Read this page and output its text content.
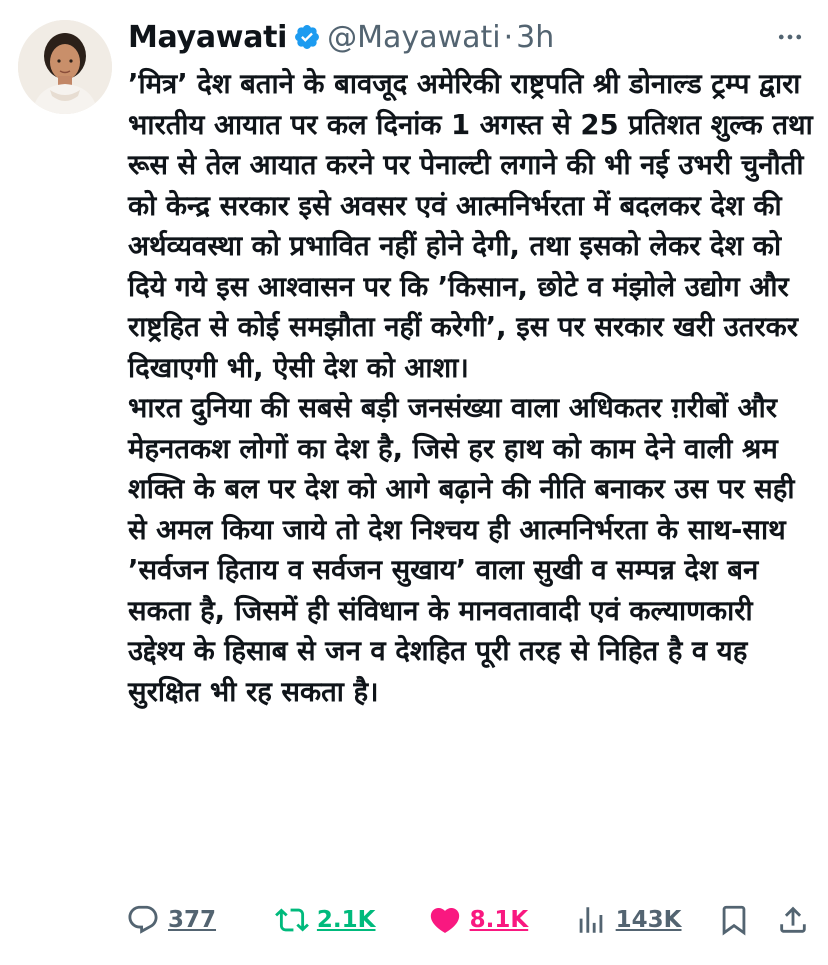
Mayawati @Mayawati · 3h

’मित्र’ देश बताने के बावजूद अमेरिकी राष्ट्रपति श्री डोनाल्ड ट्रम्प द्वारा भारतीय आयात पर कल दिनांक 1 अगस्त से 25 प्रतिशत शुल्क तथा रूस से तेल आयात करने पर पेनाल्टी लगाने की भी नई उभरी चुनौती को केन्द्र सरकार इसे अवसर एवं आत्मनिर्भरता में बदलकर देश की अर्थव्यवस्था को प्रभावित नहीं होने देगी, तथा इसको लेकर देश को दिये गये इस आश्वासन पर कि ’किसान, छोटे व मंझोले उद्योग और राष्ट्रहित से कोई समझौता नहीं करेगी’, इस पर सरकार खरी उतरकर दिखाएगी भी, ऐसी देश को आशा।

भारत दुनिया की सबसे बड़ी जनसंख्या वाला अधिकतर ग़रीबों और मेहनतकश लोगों का देश है, जिसे हर हाथ को काम देने वाली श्रम शक्ति के बल पर देश को आगे बढ़ाने की नीति बनाकर उस पर सही से अमल किया जाये तो देश निश्चय ही आत्मनिर्भरता के साथ-साथ ’सर्वजन हिताय व सर्वजन सुखाय’ वाला सुखी व सम्पन्न देश बन सकता है, जिसमें ही संविधान के मानवतावादी एवं कल्याणकारी उद्देश्य के हिसाब से जन व देशहित पूरी तरह से निहित है व यह सुरक्षित भी रह सकता है।

377	2.1K	8.1K	143K
